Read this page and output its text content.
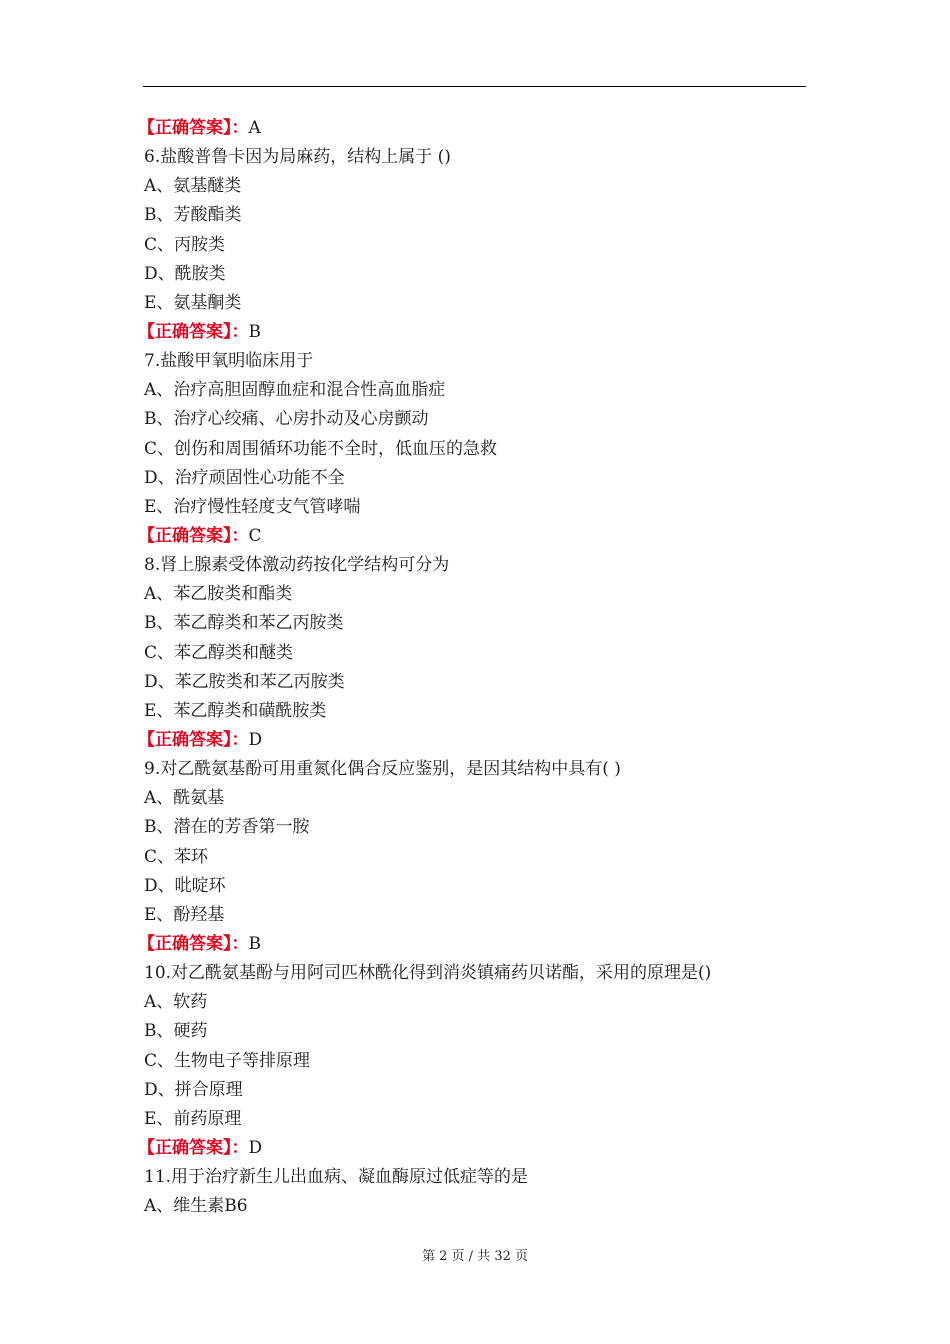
【正确答案】：A
6.盐酸普鲁卡因为局麻药，结构上属于 ()
A、氨基醚类
B、芳酸酯类
C、丙胺类
D、酰胺类
E、氨基酮类
【正确答案】：B
7.盐酸甲氧明临床用于
A、治疗高胆固醇血症和混合性高血脂症
B、治疗心绞痛、心房扑动及心房颤动
C、创伤和周围循环功能不全时，低血压的急救
D、治疗顽固性心功能不全
E、治疗慢性轻度支气管哮喘
【正确答案】：C
8.肾上腺素受体激动药按化学结构可分为
A、苯乙胺类和酯类
B、苯乙醇类和苯乙丙胺类
C、苯乙醇类和醚类
D、苯乙胺类和苯乙丙胺类
E、苯乙醇类和磺酰胺类
【正确答案】：D
9.对乙酰氨基酚可用重氮化偶合反应鉴别，是因其结构中具有( )
A、酰氨基
B、潜在的芳香第一胺
C、苯环
D、吡啶环
E、酚羟基
【正确答案】：B
10.对乙酰氨基酚与用阿司匹林酰化得到消炎镇痛药贝诺酯，采用的原理是()
A、软药
B、硬药
C、生物电子等排原理
D、拼合原理
E、前药原理
【正确答案】：D
11.用于治疗新生儿出血病、凝血酶原过低症等的是
A、维生素B6
第 2 页 / 共 32 页
